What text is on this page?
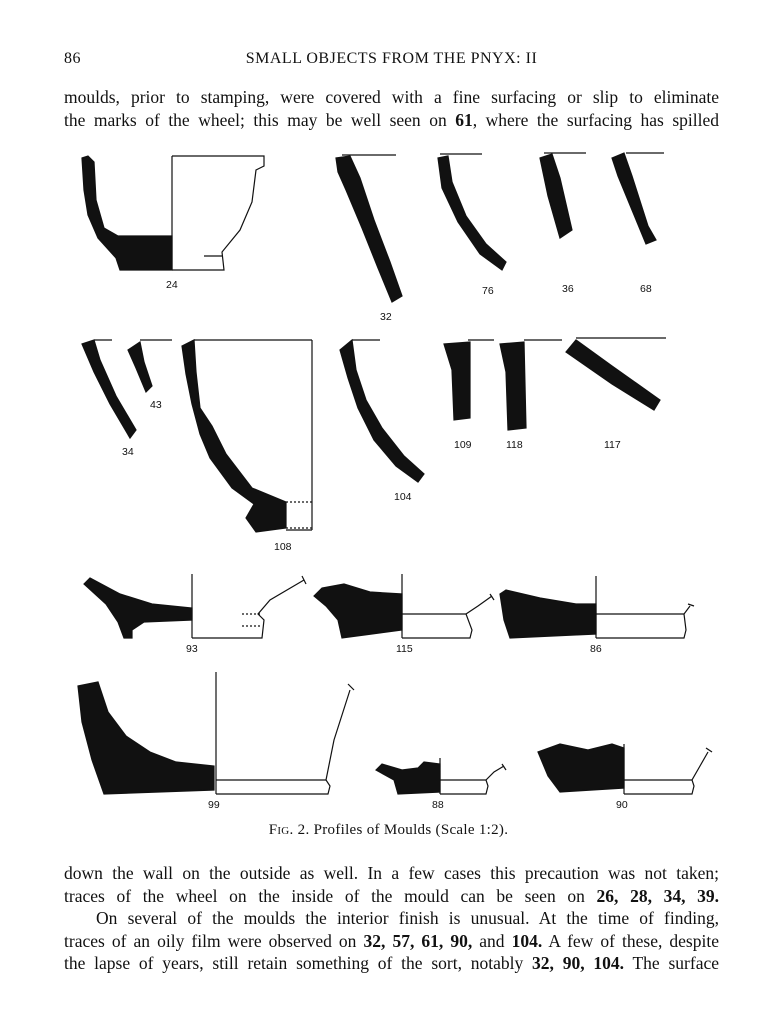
86	SMALL OBJECTS FROM THE PNYX: II
moulds, prior to stamping, were covered with a fine surfacing or slip to eliminate
the marks of the wheel; this may be well seen on 61, where the surfacing has spilled
24
32
76	36	68
34
43
108
104
109	118	117
93	115	86
99	88	90
Fig. 2. Profiles of Moulds (Scale 1:2).
down the wall on the outside as well. In a few cases this precaution was not taken;
traces of the wheel on the inside of the mould can be seen on 26, 28, 34, 39.
On several of the moulds the interior finish is unusual. At the time of finding,
traces of an oily film were observed on 32, 57, 61, 90, and 104. A few of these, despite
the lapse of years, still retain something of the sort, notably 32, 90, 104. The surface
